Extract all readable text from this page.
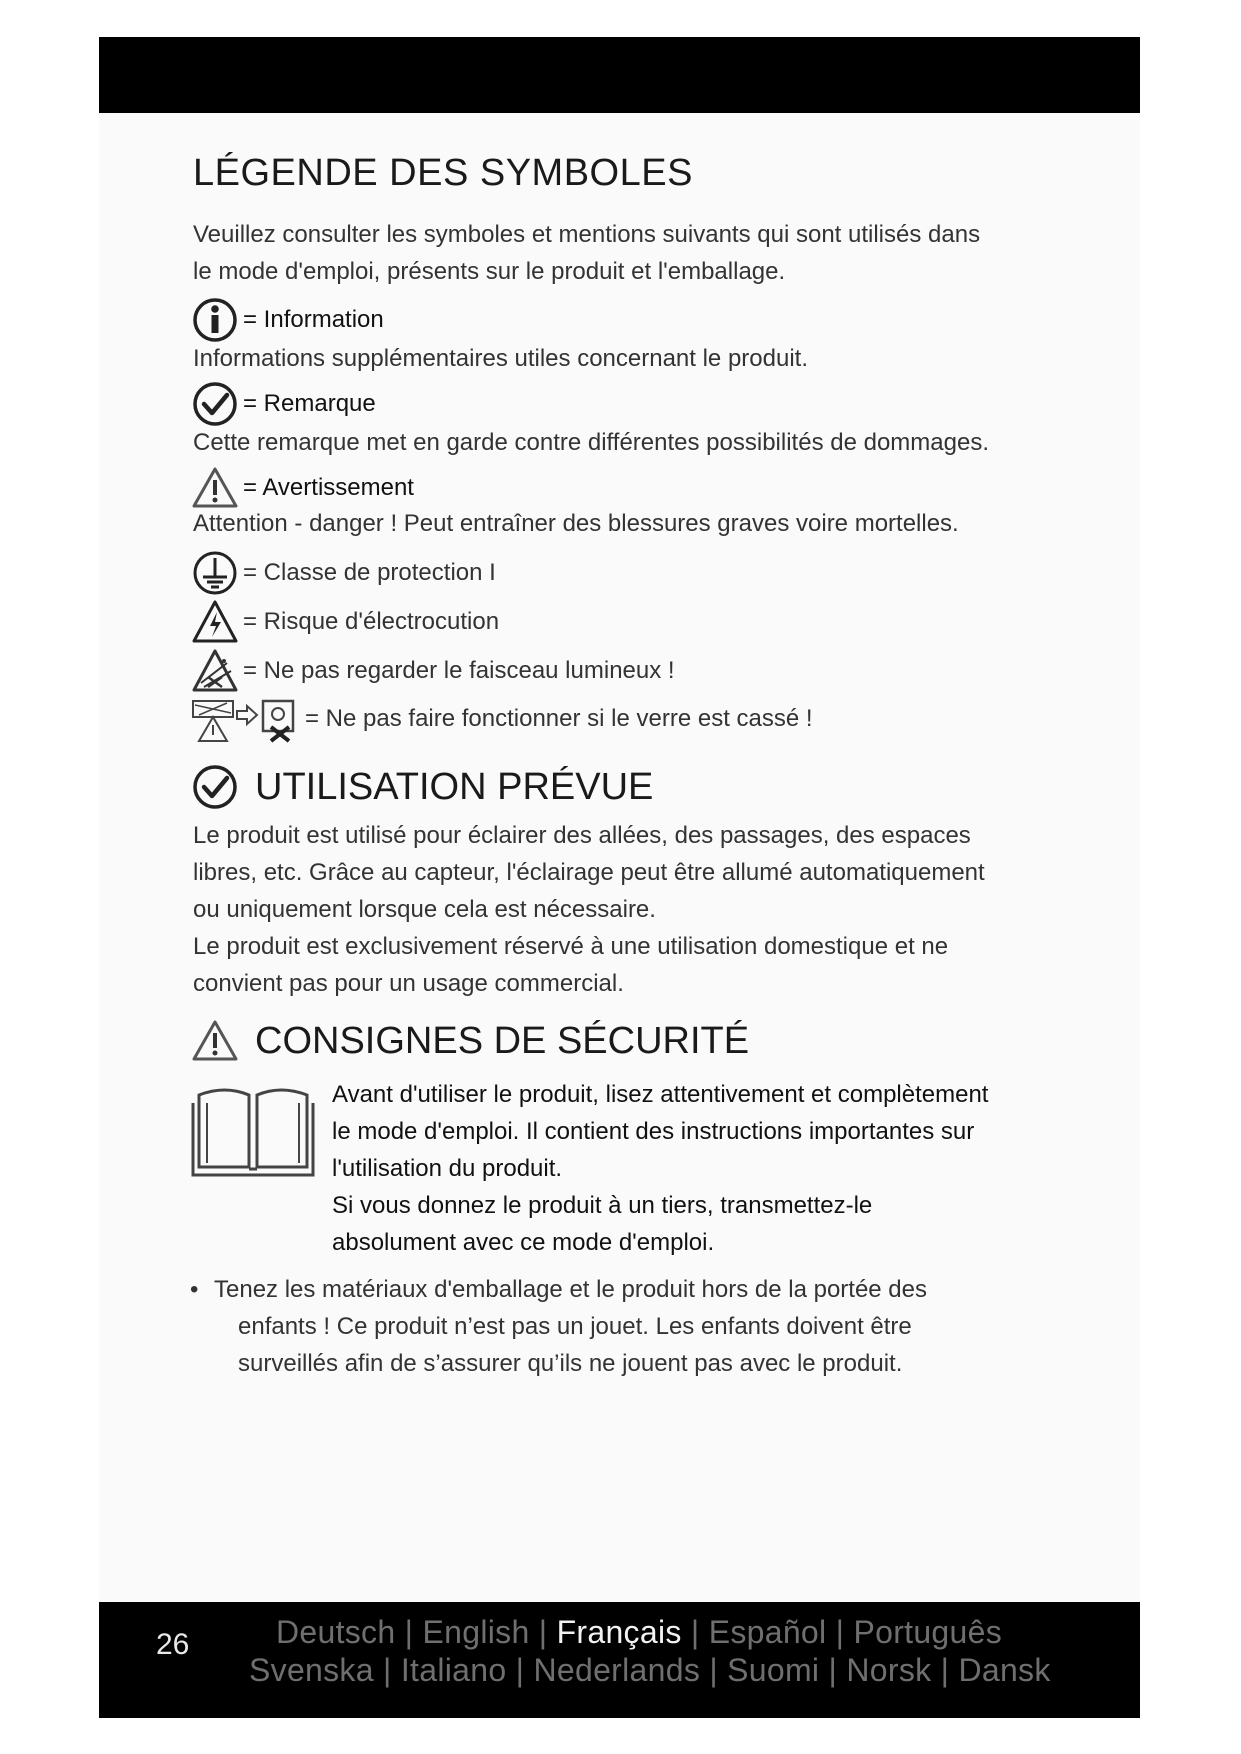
LÉGENDE DES SYMBOLES
Veuillez consulter les symboles et mentions suivants qui sont utilisés dans
le mode d'emploi, présents sur le produit et l'emballage.
= Information
Informations supplémentaires utiles concernant le produit.
= Remarque
Cette remarque met en garde contre différentes possibilités de dommages.
= Avertissement
Attention - danger ! Peut entraîner des blessures graves voire mortelles.
= Classe de protection I
= Risque d'électrocution
= Ne pas regarder le faisceau lumineux !
= Ne pas faire fonctionner si le verre est cassé !
UTILISATION PRÉVUE
Le produit est utilisé pour éclairer des allées, des passages, des espaces
libres, etc. Grâce au capteur, l'éclairage peut être allumé automatiquement
ou uniquement lorsque cela est nécessaire.
Le produit est exclusivement réservé à une utilisation domestique et ne
convient pas pour un usage commercial.
CONSIGNES DE SÉCURITÉ
Avant d'utiliser le produit, lisez attentivement et complètement
le mode d'emploi. Il contient des instructions importantes sur
l'utilisation du produit.
Si vous donnez le produit à un tiers, transmettez-le
absolument avec ce mode d'emploi.
• Tenez les matériaux d'emballage et le produit hors de la portée des
enfants ! Ce produit n’est pas un jouet. Les enfants doivent être
surveillés afin de s’assurer qu’ils ne jouent pas avec le produit.
26	Deutsch | English | Français | Español | Português
Svenska | Italiano | Nederlands | Suomi | Norsk | Dansk
